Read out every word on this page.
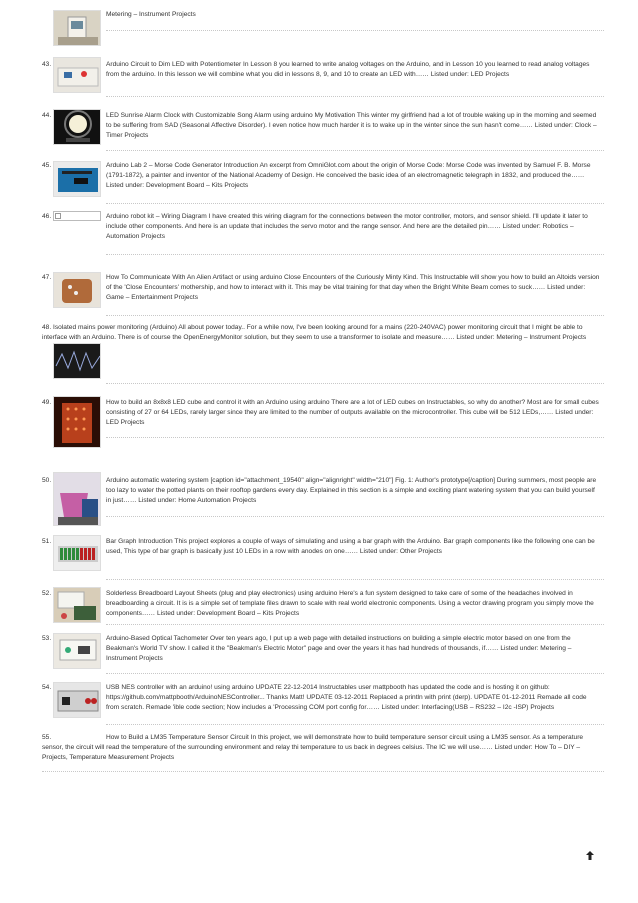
Metering – Instrument Projects
43.	Arduino Circuit to Dim LED with Potentiometer In Lesson 8 you learned to write analog voltages on the Arduino, and in Lesson 10 you learned to read analog voltages from the arduino. In this lesson we will combine what you did in lessons 8, 9, and 10 to create an LED with…… Listed under: LED Projects
44.	LED Sunrise Alarm Clock with Customizable Song Alarm using arduino My Motivation This winter my girlfriend had a lot of trouble waking up in the morning and seemed to be suffering from SAD (Seasonal Affective Disorder). I even notice how much harder it is to wake up in the winter since the sun hasn't come…… Listed under: Clock – Timer Projects
45.	Arduino Lab 2 – Morse Code Generator Introduction An excerpt from OmniGlot.com about the origin of Morse Code: Morse Code was invented by Samuel F. B. Morse (1791-1872), a painter and inventor of the National Academy of Design. He conceived the basic idea of an electromagnetic telegraph in 1832, and produced the…… Listed under: Development Board – Kits Projects
46.	Arduino robot kit – Wiring Diagram I have created this wiring diagram for the connections between the motor controller, motors, and sensor shield. I'll update it later to include other components. And here is an update that includes the servo motor and the range sensor. And here are the detailed pin…… Listed under: Robotics – Automation Projects
47.	How To Communicate With An Alien Artifact or using arduino Close Encounters of the Curiously Minty Kind. This Instructable will show you how to build an Altoids version of the 'Close Encounters' mothership, and how to interact with it. This may be vital training for that day when the Bright White Beam comes to suck…… Listed under: Game – Entertainment Projects
48. Isolated mains power monitoring (Arduino) All about power today.. For a while now, I've been looking around for a mains (220-240VAC) power monitoring circuit that I might be able to interface with an Arduino. There is of course the OpenEnergyMonitor solution, but they seem to use a transformer to isolate and measure…… Listed under: Metering – Instrument Projects
49.	How to build an 8x8x8 LED cube and control it with an Arduino using arduino There are a lot of LED cubes on Instructables, so why do another? Most are for small cubes consisting of 27 or 64 LEDs, rarely larger since they are limited to the number of outputs available on the microcontroller. This cube will be 512 LEDs,…… Listed under: LED Projects
50.	Arduino automatic watering system [caption id="attachment_19540" align="alignright" width="210"] Fig. 1: Author's prototype[/caption] During summers, most people are too lazy to water the potted plants on their rooftop gardens every day. Explained in this section is a simple and exciting plant watering system that you can build yourself in just…… Listed under: Home Automation Projects
51.	Bar Graph Introduction This project explores a couple of ways of simulating and using a bar graph with the Arduino. Bar graph components like the following one can be used, This type of bar graph is basically just 10 LEDs in a row with anodes on one…… Listed under: Other Projects
52.	Solderless Breadboard Layout Sheets (plug and play electronics) using arduino Here's a fun system designed to take care of some of the headaches involved in breadboarding a circuit. It is is a simple set of template files drawn to scale with real world electronic components. Using a vector drawing program you simply move the components…… Listed under: Development Board – Kits Projects
53.	Arduino-Based Optical Tachometer Over ten years ago, I put up a web page with detailed instructions on building a simple electric motor based on one from the Beakman's World TV show. I called it the "Beakman's Electric Motor" page and over the years it has had hundreds of thousands, if…… Listed under: Metering – Instrument Projects
54.	USB NES controller with an arduino! using arduino UPDATE 22-12-2014 Instructables user mattpbooth has updated the code and is hosting it on github: https://github.com/mattpbooth/ArduinoNESController... Thanks Matt! UPDATE 03-12-2011 Replaced a println with print (derp). UPDATE 01-12-2011 Remade all code from scratch. Remade 'ible code section; Now includes a 'Processing COM port config for…… Listed under: Interfacing(USB – RS232 – I2c -ISP) Projects
55.	How to Build a LM35 Temperature Sensor Circuit In this project, we will demonstrate how to build temperature sensor circuit using a LM35 sensor. As a temperature sensor, the circuit will read the temperature of the surrounding environment and relay thi temperature to us back in degrees celsius. The IC we will use…… Listed under: How To – DIY – Projects, Temperature Measurement Projects
